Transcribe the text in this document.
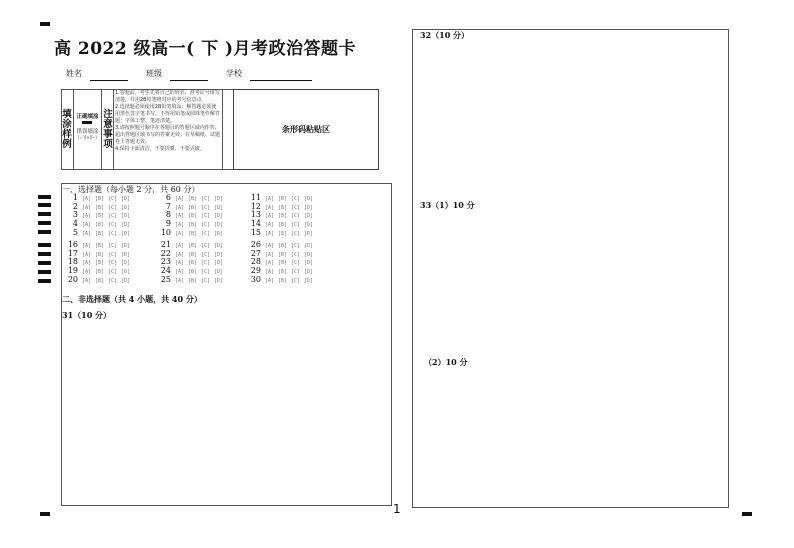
高 2022 级高一( 下 )月考政治答题卡
姓名	班级	学校
填涂样例
正确填涂
错误填涂
[✓][✕][•]
注意事项
1.答题前，考生先将自己的姓名、准考证号填写清楚，并用2B铅笔将对应的考号信息点。
2.选择题必须使用2B铅笔填涂；解答题必须使用黑色签字笔书写，不得用铅笔或圆珠笔作解答题；字体工整、笔迹清楚。
3.请按照题号顺序在各题目的答题区域内作答，超出答题区域书写的答案无效；在草稿纸、试题卷上答题无效。
4.保持卡面清洁，不要折叠、不要弄破。
条形码粘贴区
一、选择题（每小题 2 分，共 60 分）
1 [A] [B] [C] [D]
2 [A] [B] [C] [D]
3 [A] [B] [C] [D]
4 [A] [B] [C] [D]
5 [A] [B] [C] [D]
6 [A] [B] [C] [D]
7 [A] [B] [C] [D]
8 [A] [B] [C] [D]
9 [A] [B] [C] [D]
10 [A] [B] [C] [D]
11 [A] [B] [C] [D]
12 [A] [B] [C] [D]
13 [A] [B] [C] [D]
14 [A] [B] [C] [D]
15 [A] [B] [C] [D]
16 [A] [B] [C] [D]
17 [A] [B] [C] [D]
18 [A] [B] [C] [D]
19 [A] [B] [C] [D]
20 [A] [B] [C] [D]
21 [A] [B] [C] [D]
22 [A] [B] [C] [D]
23 [A] [B] [C] [D]
24 [A] [B] [C] [D]
25 [A] [B] [C] [D]
26 [A] [B] [C] [D]
27 [A] [B] [C] [D]
28 [A] [B] [C] [D]
29 [A] [B] [C] [D]
30 [A] [B] [C] [D]
二、非选择题（共 4 小题，共 40 分）
31（10 分）
32（10 分）
33（1）10 分
（2）10 分
1
